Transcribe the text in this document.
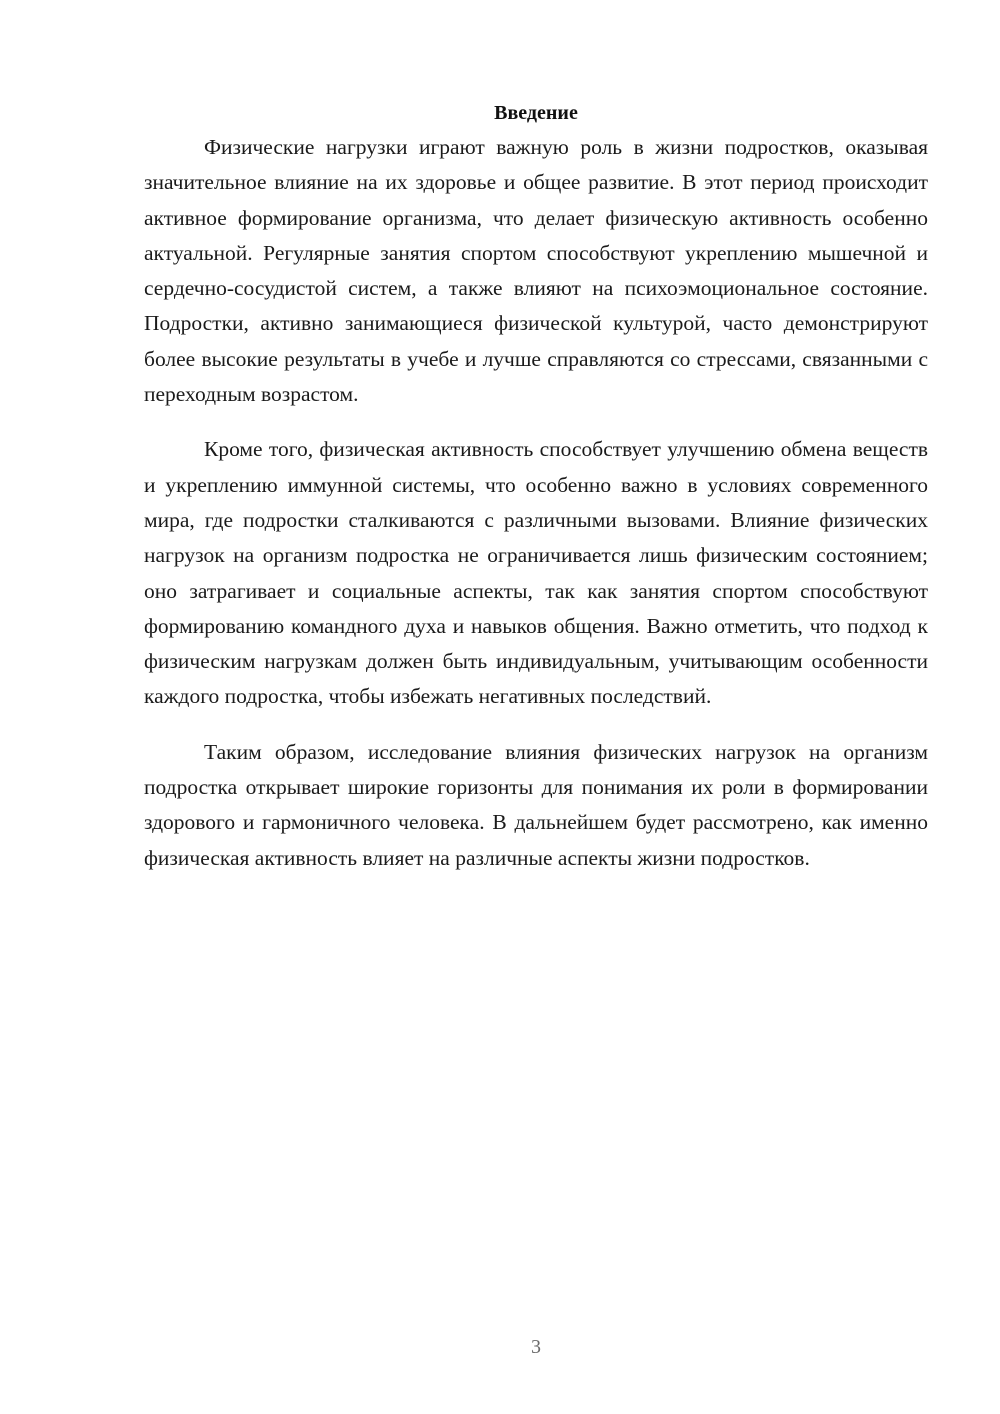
Введение

Физические нагрузки играют важную роль в жизни подростков, оказывая значительное влияние на их здоровье и общее развитие. В этот период происходит активное формирование организма, что делает физическую активность особенно актуальной. Регулярные занятия спортом способствуют укреплению мышечной и сердечно-сосудистой систем, а также влияют на психоэмоциональное состояние. Подростки, активно занимающиеся физической культурой, часто демонстрируют более высокие результаты в учебе и лучше справляются со стрессами, связанными с переходным возрастом.

Кроме того, физическая активность способствует улучшению обмена веществ и укреплению иммунной системы, что особенно важно в условиях современного мира, где подростки сталкиваются с различными вызовами. Влияние физических нагрузок на организм подростка не ограничивается лишь физическим состоянием; оно затрагивает и социальные аспекты, так как занятия спортом способствуют формированию командного духа и навыков общения. Важно отметить, что подход к физическим нагрузкам должен быть индивидуальным, учитывающим особенности каждого подростка, чтобы избежать негативных последствий.

Таким образом, исследование влияния физических нагрузок на организм подростка открывает широкие горизонты для понимания их роли в формировании здорового и гармоничного человека. В дальнейшем будет рассмотрено, как именно физическая активность влияет на различные аспекты жизни подростков.

3
